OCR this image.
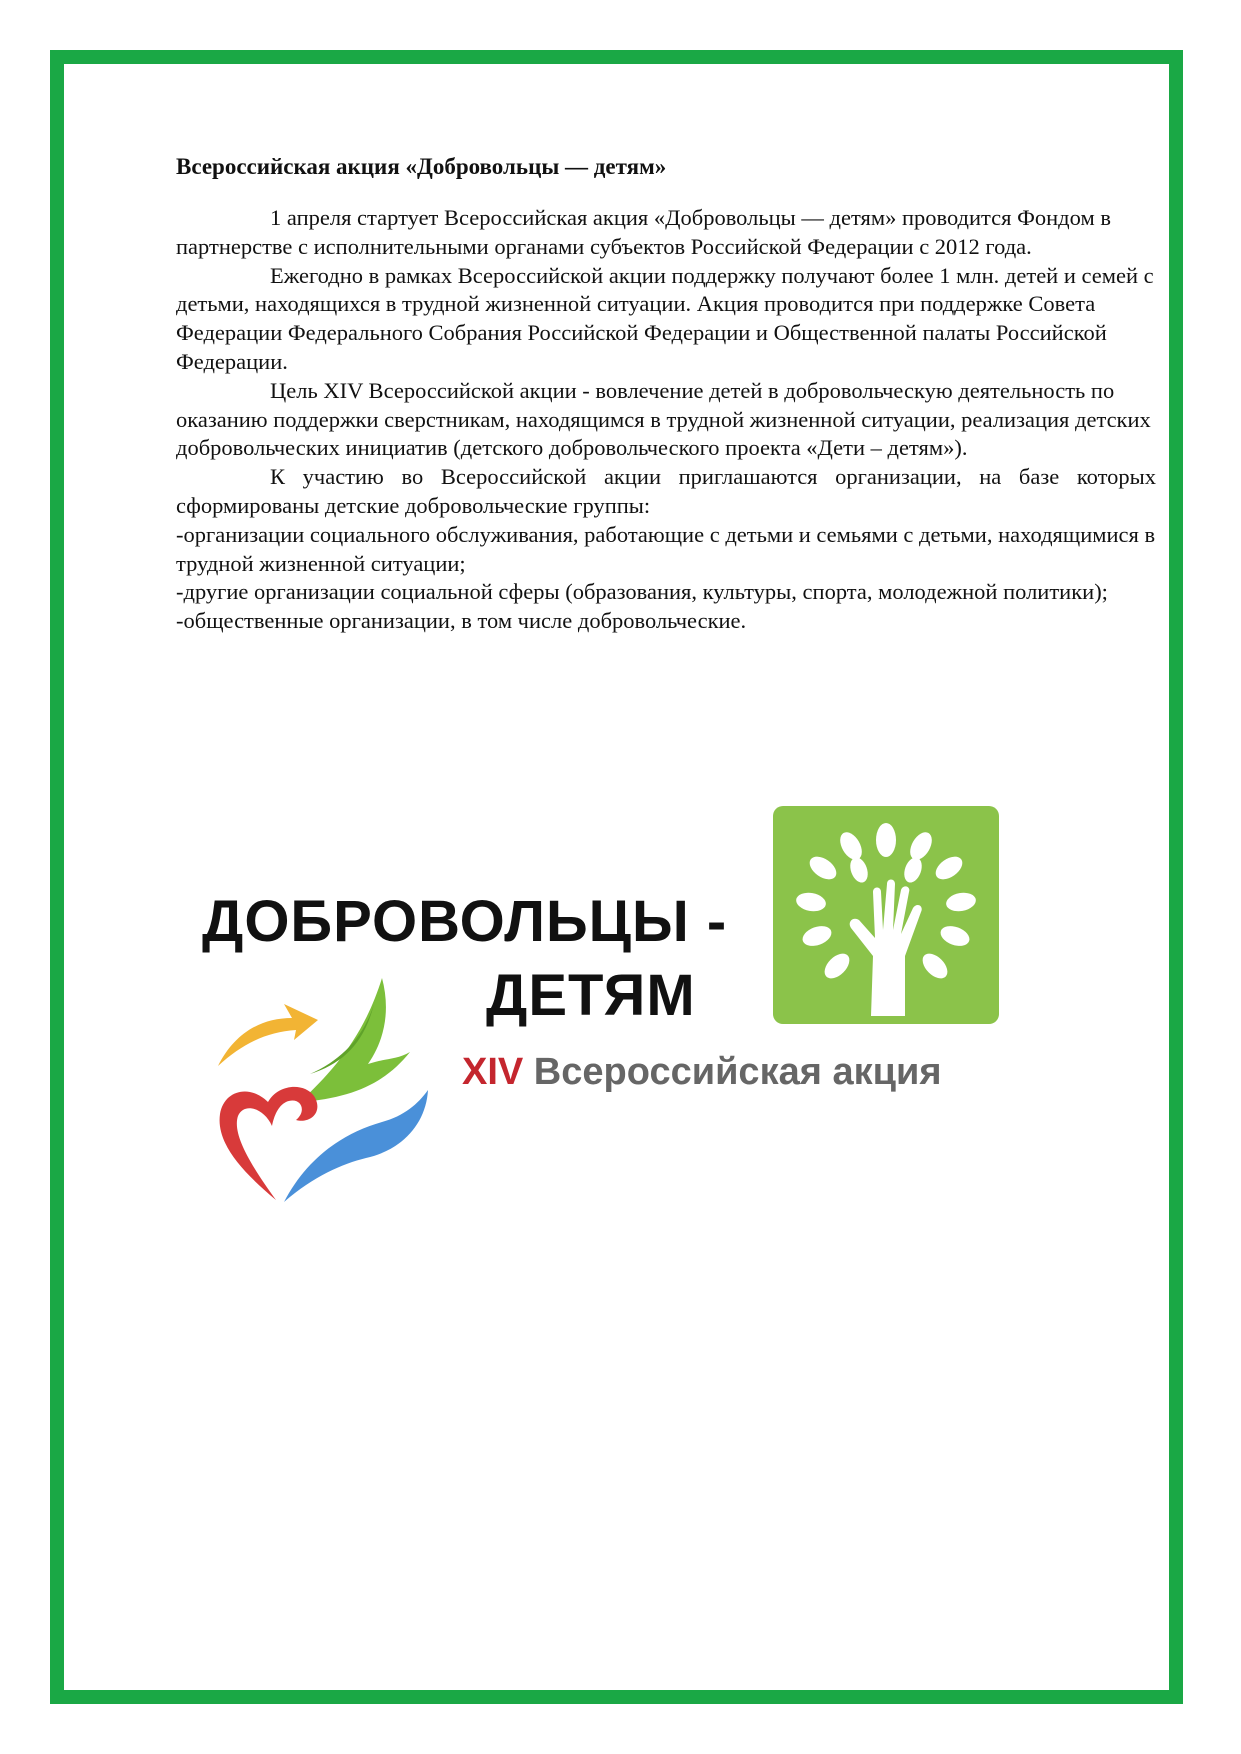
Всероссийская акция «Добровольцы — детям»

1 апреля стартует Всероссийская акция «Добровольцы — детям» проводится Фондом в партнерстве с исполнительными органами субъектов Российской Федерации с 2012 года.

Ежегодно в рамках Всероссийской акции поддержку получают более 1 млн. детей и семей с детьми, находящихся в трудной жизненной ситуации. Акция проводится при поддержке Совета Федерации Федерального Собрания Российской Федерации и Общественной палаты Российской Федерации.

Цель XIV Всероссийской акции - вовлечение детей в добровольческую деятельность по оказанию поддержки сверстникам, находящимся в трудной жизненной ситуации, реализация детских добровольческих инициатив (детского добровольческого проекта «Дети – детям»).

К участию во Всероссийской акции приглашаются организации, на базе которых сформированы детские добровольческие группы:

-организации социального обслуживания, работающие с детьми и семьями с детьми, находящимися в трудной жизненной ситуации;

-другие организации социальной сферы (образования, культуры, спорта, молодежной политики);

-общественные организации, в том числе добровольческие.

ДОБРОВОЛЬЦЫ -
ДЕТЯМ
XIV Всероссийская акция
